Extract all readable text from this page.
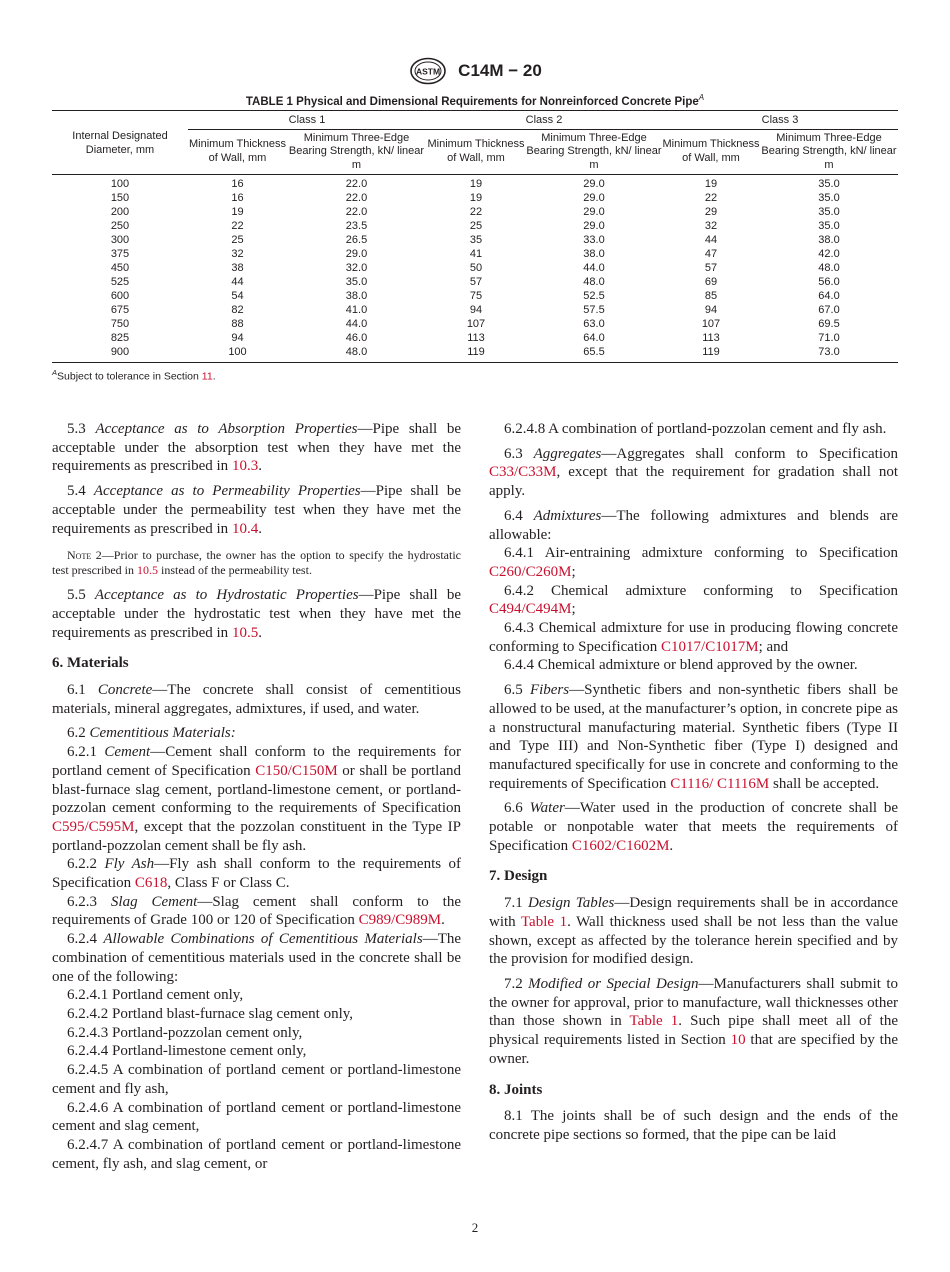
ASTM C14M − 20
TABLE 1 Physical and Dimensional Requirements for Nonreinforced Concrete Pipe$^A$
Internal Designated Diameter, mm	Class 1		Class 2		Class 3	
	Minimum Thickness of Wall, mm	Minimum Three-Edge Bearing Strength, kN/ linear m	Minimum Thickness of Wall, mm	Minimum Three-Edge Bearing Strength, kN/ linear m	Minimum Thickness of Wall, mm	Minimum Three-Edge Bearing Strength, kN/ linear m
100	16	22.0	19	29.0	19	35.0
150	16	22.0	19	29.0	22	35.0
200	19	22.0	22	29.0	29	35.0
250	22	23.5	25	29.0	32	35.0
300	25	26.5	35	33.0	44	38.0
375	32	29.0	41	38.0	47	42.0
450	38	32.0	50	44.0	57	48.0
525	44	35.0	57	48.0	69	56.0
600	54	38.0	75	52.5	85	64.0
675	82	41.0	94	57.5	94	67.0
750	88	44.0	107	63.0	107	69.5
825	94	46.0	113	64.0	113	71.0
900	100	48.0	119	65.5	119	73.0
$^A$Subject to tolerance in Section 11.

5.3 Acceptance as to Absorption Properties—Pipe shall be acceptable under the absorption test when they have met the requirements as prescribed in 10.3.

5.4 Acceptance as to Permeability Properties—Pipe shall be acceptable under the permeability test when they have met the requirements as prescribed in 10.4.

Note 2—Prior to purchase, the owner has the option to specify the hydrostatic test prescribed in 10.5 instead of the permeability test.

5.5 Acceptance as to Hydrostatic Properties—Pipe shall be acceptable under the hydrostatic test when they have met the requirements as prescribed in 10.5.

6. Materials

6.1 Concrete—The concrete shall consist of cementitious materials, mineral aggregates, admixtures, if used, and water.

6.2 Cementitious Materials:

6.2.1 Cement—Cement shall conform to the requirements for portland cement of Specification C150/C150M or shall be portland blast-furnace slag cement, portland-limestone cement, or portland-pozzolan cement conforming to the requirements of Specification C595/C595M, except that the pozzolan constituent in the Type IP portland-pozzolan cement shall be fly ash.

6.2.2 Fly Ash—Fly ash shall conform to the requirements of Specification C618, Class F or Class C.

6.2.3 Slag Cement—Slag cement shall conform to the requirements of Grade 100 or 120 of Specification C989/C989M.

6.2.4 Allowable Combinations of Cementitious Materials—The combination of cementitious materials used in the concrete shall be one of the following:

6.2.4.1 Portland cement only,

6.2.4.2 Portland blast-furnace slag cement only,

6.2.4.3 Portland-pozzolan cement only,

6.2.4.4 Portland-limestone cement only,

6.2.4.5 A combination of portland cement or portland-limestone cement and fly ash,

6.2.4.6 A combination of portland cement or portland-limestone cement and slag cement,

6.2.4.7 A combination of portland cement or portland-limestone cement, fly ash, and slag cement, or

6.2.4.8 A combination of portland-pozzolan cement and fly ash.

6.3 Aggregates—Aggregates shall conform to Specification C33/C33M, except that the requirement for gradation shall not apply.

6.4 Admixtures—The following admixtures and blends are allowable:

6.4.1 Air-entraining admixture conforming to Specification C260/C260M;

6.4.2 Chemical admixture conforming to Specification C494/C494M;

6.4.3 Chemical admixture for use in producing flowing concrete conforming to Specification C1017/C1017M; and

6.4.4 Chemical admixture or blend approved by the owner.

6.5 Fibers—Synthetic fibers and non-synthetic fibers shall be allowed to be used, at the manufacturer’s option, in concrete pipe as a nonstructural manufacturing material. Synthetic fibers (Type II and Type III) and Non-Synthetic fiber (Type I) designed and manufactured specifically for use in concrete and conforming to the requirements of Specification C1116/ C1116M shall be accepted.

6.6 Water—Water used in the production of concrete shall be potable or nonpotable water that meets the requirements of Specification C1602/C1602M.

7. Design

7.1 Design Tables—Design requirements shall be in accordance with Table 1. Wall thickness used shall be not less than the value shown, except as affected by the tolerance herein specified and by the provision for modified design.

7.2 Modified or Special Design—Manufacturers shall submit to the owner for approval, prior to manufacture, wall thicknesses other than those shown in Table 1. Such pipe shall meet all of the physical requirements listed in Section 10 that are specified by the owner.

8. Joints

8.1 The joints shall be of such design and the ends of the concrete pipe sections so formed, that the pipe can be laid

2
